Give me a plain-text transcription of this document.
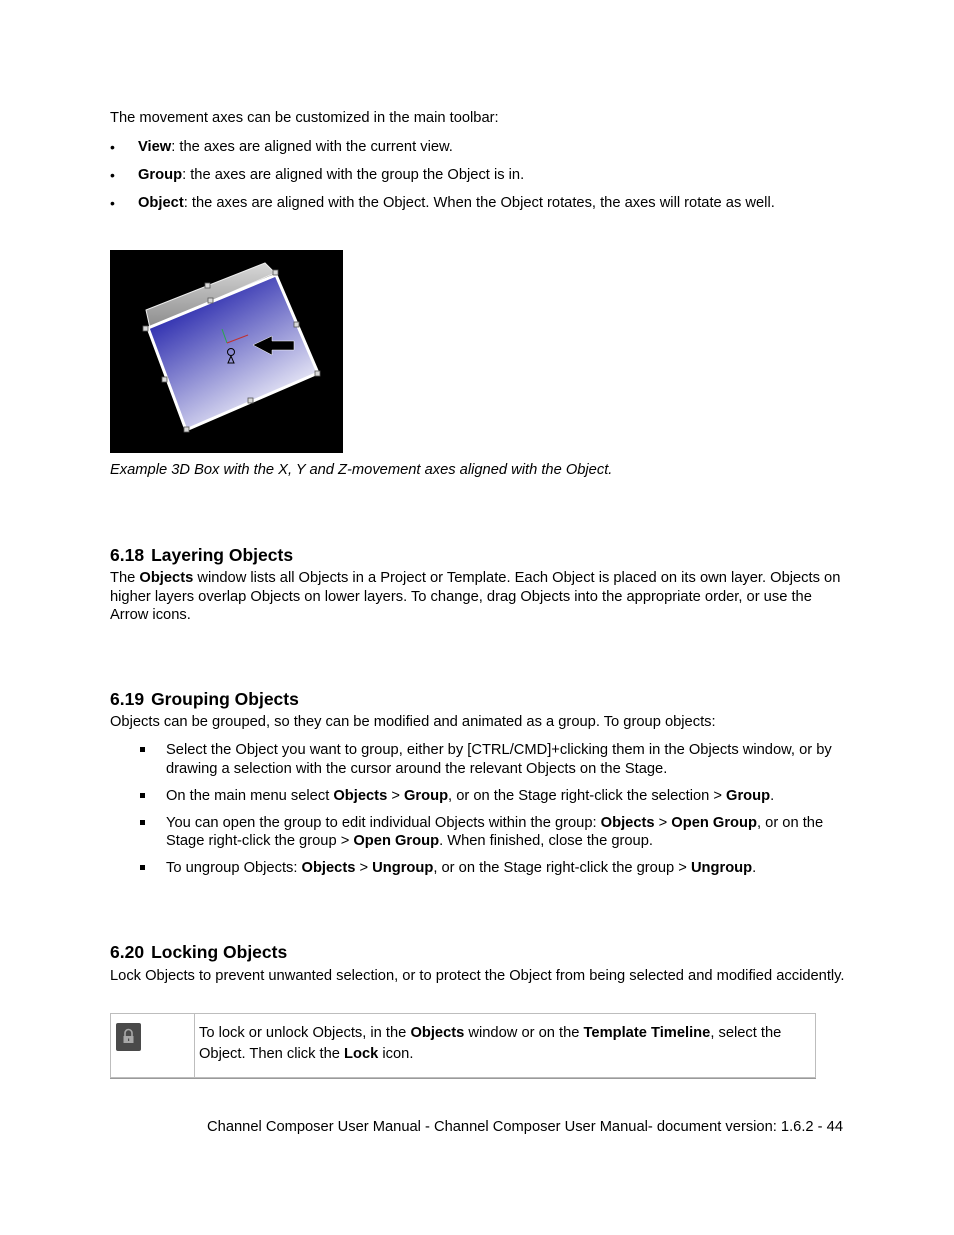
The movement axes can be customized in the main toolbar:

• View: the axes are aligned with the current view.
• Group: the axes are aligned with the group the Object is in.
• Object: the axes are aligned with the Object. When the Object rotates, the axes will rotate as well.

Example 3D Box with the X, Y and Z-movement axes aligned with the Object.

6.18 Layering Objects

The Objects window lists all Objects in a Project or Template. Each Object is placed on its own layer. Objects on higher layers overlap Objects on lower layers. To change, drag Objects into the appropriate order, or use the Arrow icons.

6.19 Grouping Objects

Objects can be grouped, so they can be modified and animated as a group. To group objects:

Select the Object you want to group, either by [CTRL/CMD]+clicking them in the Objects window, or by drawing a selection with the cursor around the relevant Objects on the Stage.
On the main menu select Objects > Group, or on the Stage right-click the selection > Group.
You can open the group to edit individual Objects within the group: Objects > Open Group, or on the Stage right-click the group > Open Group. When finished, close the group.
To ungroup Objects: Objects > Ungroup, or on the Stage right-click the group > Ungroup.
6.20 Locking Objects

Lock Objects to prevent unwanted selection, or to protect the Object from being selected and modified accidently.

To lock or unlock Objects, in the Objects window or on the Template Timeline, select the Object. Then click the Lock icon.
Channel Composer User Manual - Channel Composer User Manual- document version: 1.6.2 - 44
